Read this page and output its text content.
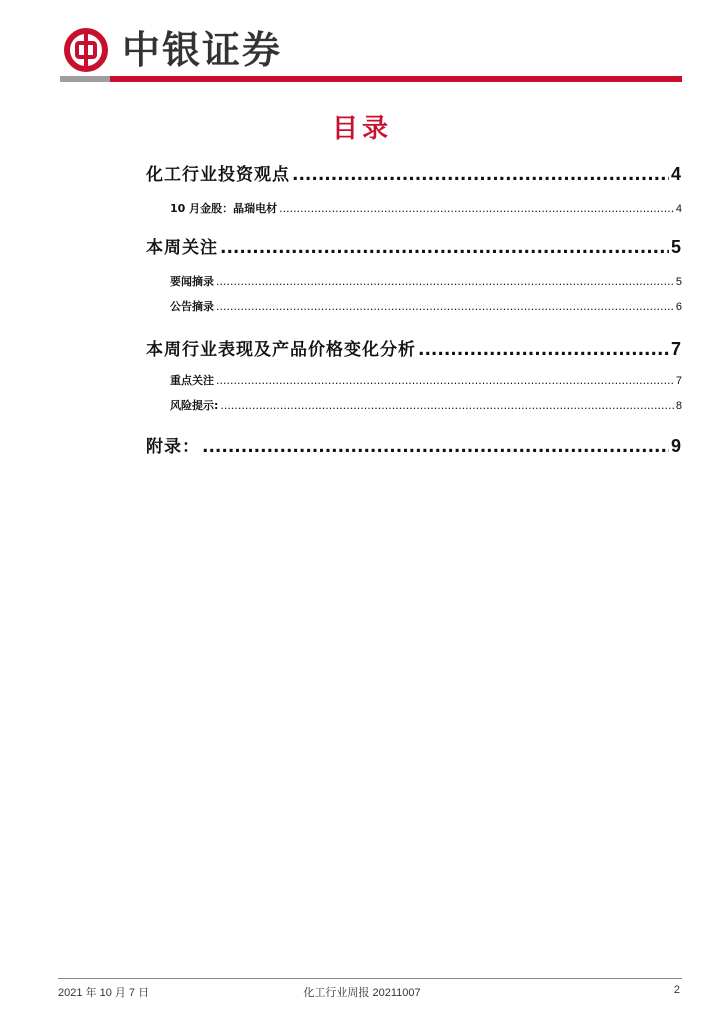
中银证券
目录
化工行业投资观点 .....	4
10 月金股：晶瑞电材 .....	4
本周关注 .....	5
要闻摘录 .....	5
公告摘录 .....	6
本周行业表现及产品价格变化分析 .....	7
重点关注 .....	7
风险提示: .....	8
附录： .....	9
2021 年 10 月 7 日	化工行业周报 20211007	2
